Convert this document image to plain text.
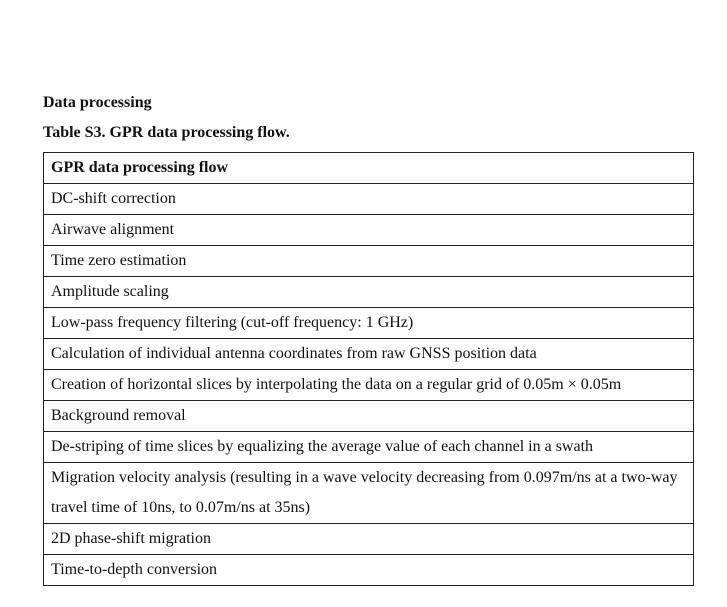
Data processing
Table S3. GPR data processing flow.
GPR data processing flow
DC-shift correction
Airwave alignment
Time zero estimation
Amplitude scaling
Low-pass frequency filtering (cut-off frequency: 1 GHz)
Calculation of individual antenna coordinates from raw GNSS position data
Creation of horizontal slices by interpolating the data on a regular grid of 0.05m × 0.05m
Background removal
De-striping of time slices by equalizing the average value of each channel in a swath
Migration velocity analysis (resulting in a wave velocity decreasing from 0.097m/ns at a two-way travel time of 10ns, to 0.07m/ns at 35ns)
2D phase-shift migration
Time-to-depth conversion
